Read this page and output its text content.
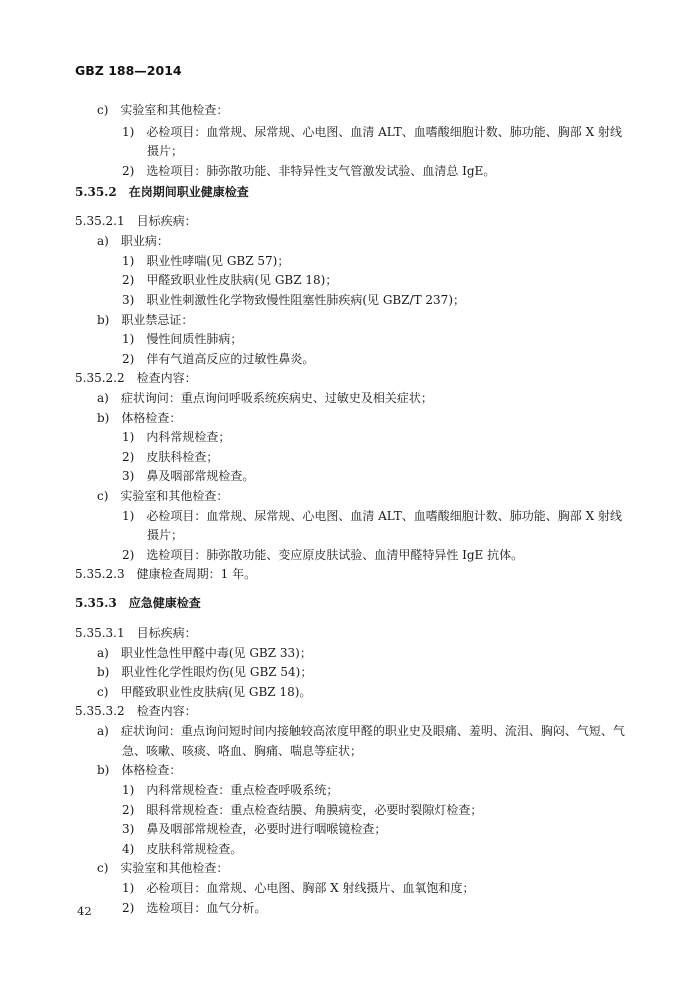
GBZ 188—2014
c)　实验室和其他检查：
1)　必检项目：血常规、尿常规、心电图、血清 ALT、血嗜酸细胞计数、肺功能、胸部 X 射线
摄片；
2)　选检项目：肺弥散功能、非特异性支气管激发试验、血清总 IgE。
5.35.2　在岗期间职业健康检查
5.35.2.1　目标疾病：
a)　职业病：
1)　职业性哮喘(见 GBZ 57)；
2)　甲醛致职业性皮肤病(见 GBZ 18)；
3)　职业性刺激性化学物致慢性阻塞性肺疾病(见 GBZ/T 237)；
b)　职业禁忌证：
1)　慢性间质性肺病；
2)　伴有气道高反应的过敏性鼻炎。
5.35.2.2　检查内容：
a)　症状询问：重点询问呼吸系统疾病史、过敏史及相关症状；
b)　体格检查：
1)　内科常规检查；
2)　皮肤科检查；
3)　鼻及咽部常规检查。
c)　实验室和其他检查：
1)　必检项目：血常规、尿常规、心电图、血清 ALT、血嗜酸细胞计数、肺功能、胸部 X 射线
摄片；
2)　选检项目：肺弥散功能、变应原皮肤试验、血清甲醛特异性 IgE 抗体。
5.35.2.3　健康检查周期：1 年。
5.35.3　应急健康检查
5.35.3.1　目标疾病：
a)　职业性急性甲醛中毒(见 GBZ 33)；
b)　职业性化学性眼灼伤(见 GBZ 54)；
c)　甲醛致职业性皮肤病(见 GBZ 18)。
5.35.3.2　检查内容：
a)　症状询问：重点询问短时间内接触较高浓度甲醛的职业史及眼痛、羞明、流泪、胸闷、气短、气
急、咳嗽、咳痰、咯血、胸痛、喘息等症状；
b)　体格检查：
1)　内科常规检查：重点检查呼吸系统；
2)　眼科常规检查：重点检查结膜、角膜病变，必要时裂隙灯检查；
3)　鼻及咽部常规检查，必要时进行咽喉镜检查；
4)　皮肤科常规检查。
c)　实验室和其他检查：
1)　必检项目：血常规、心电图、胸部 X 射线摄片、血氧饱和度；
2)　选检项目：血气分析。
42
